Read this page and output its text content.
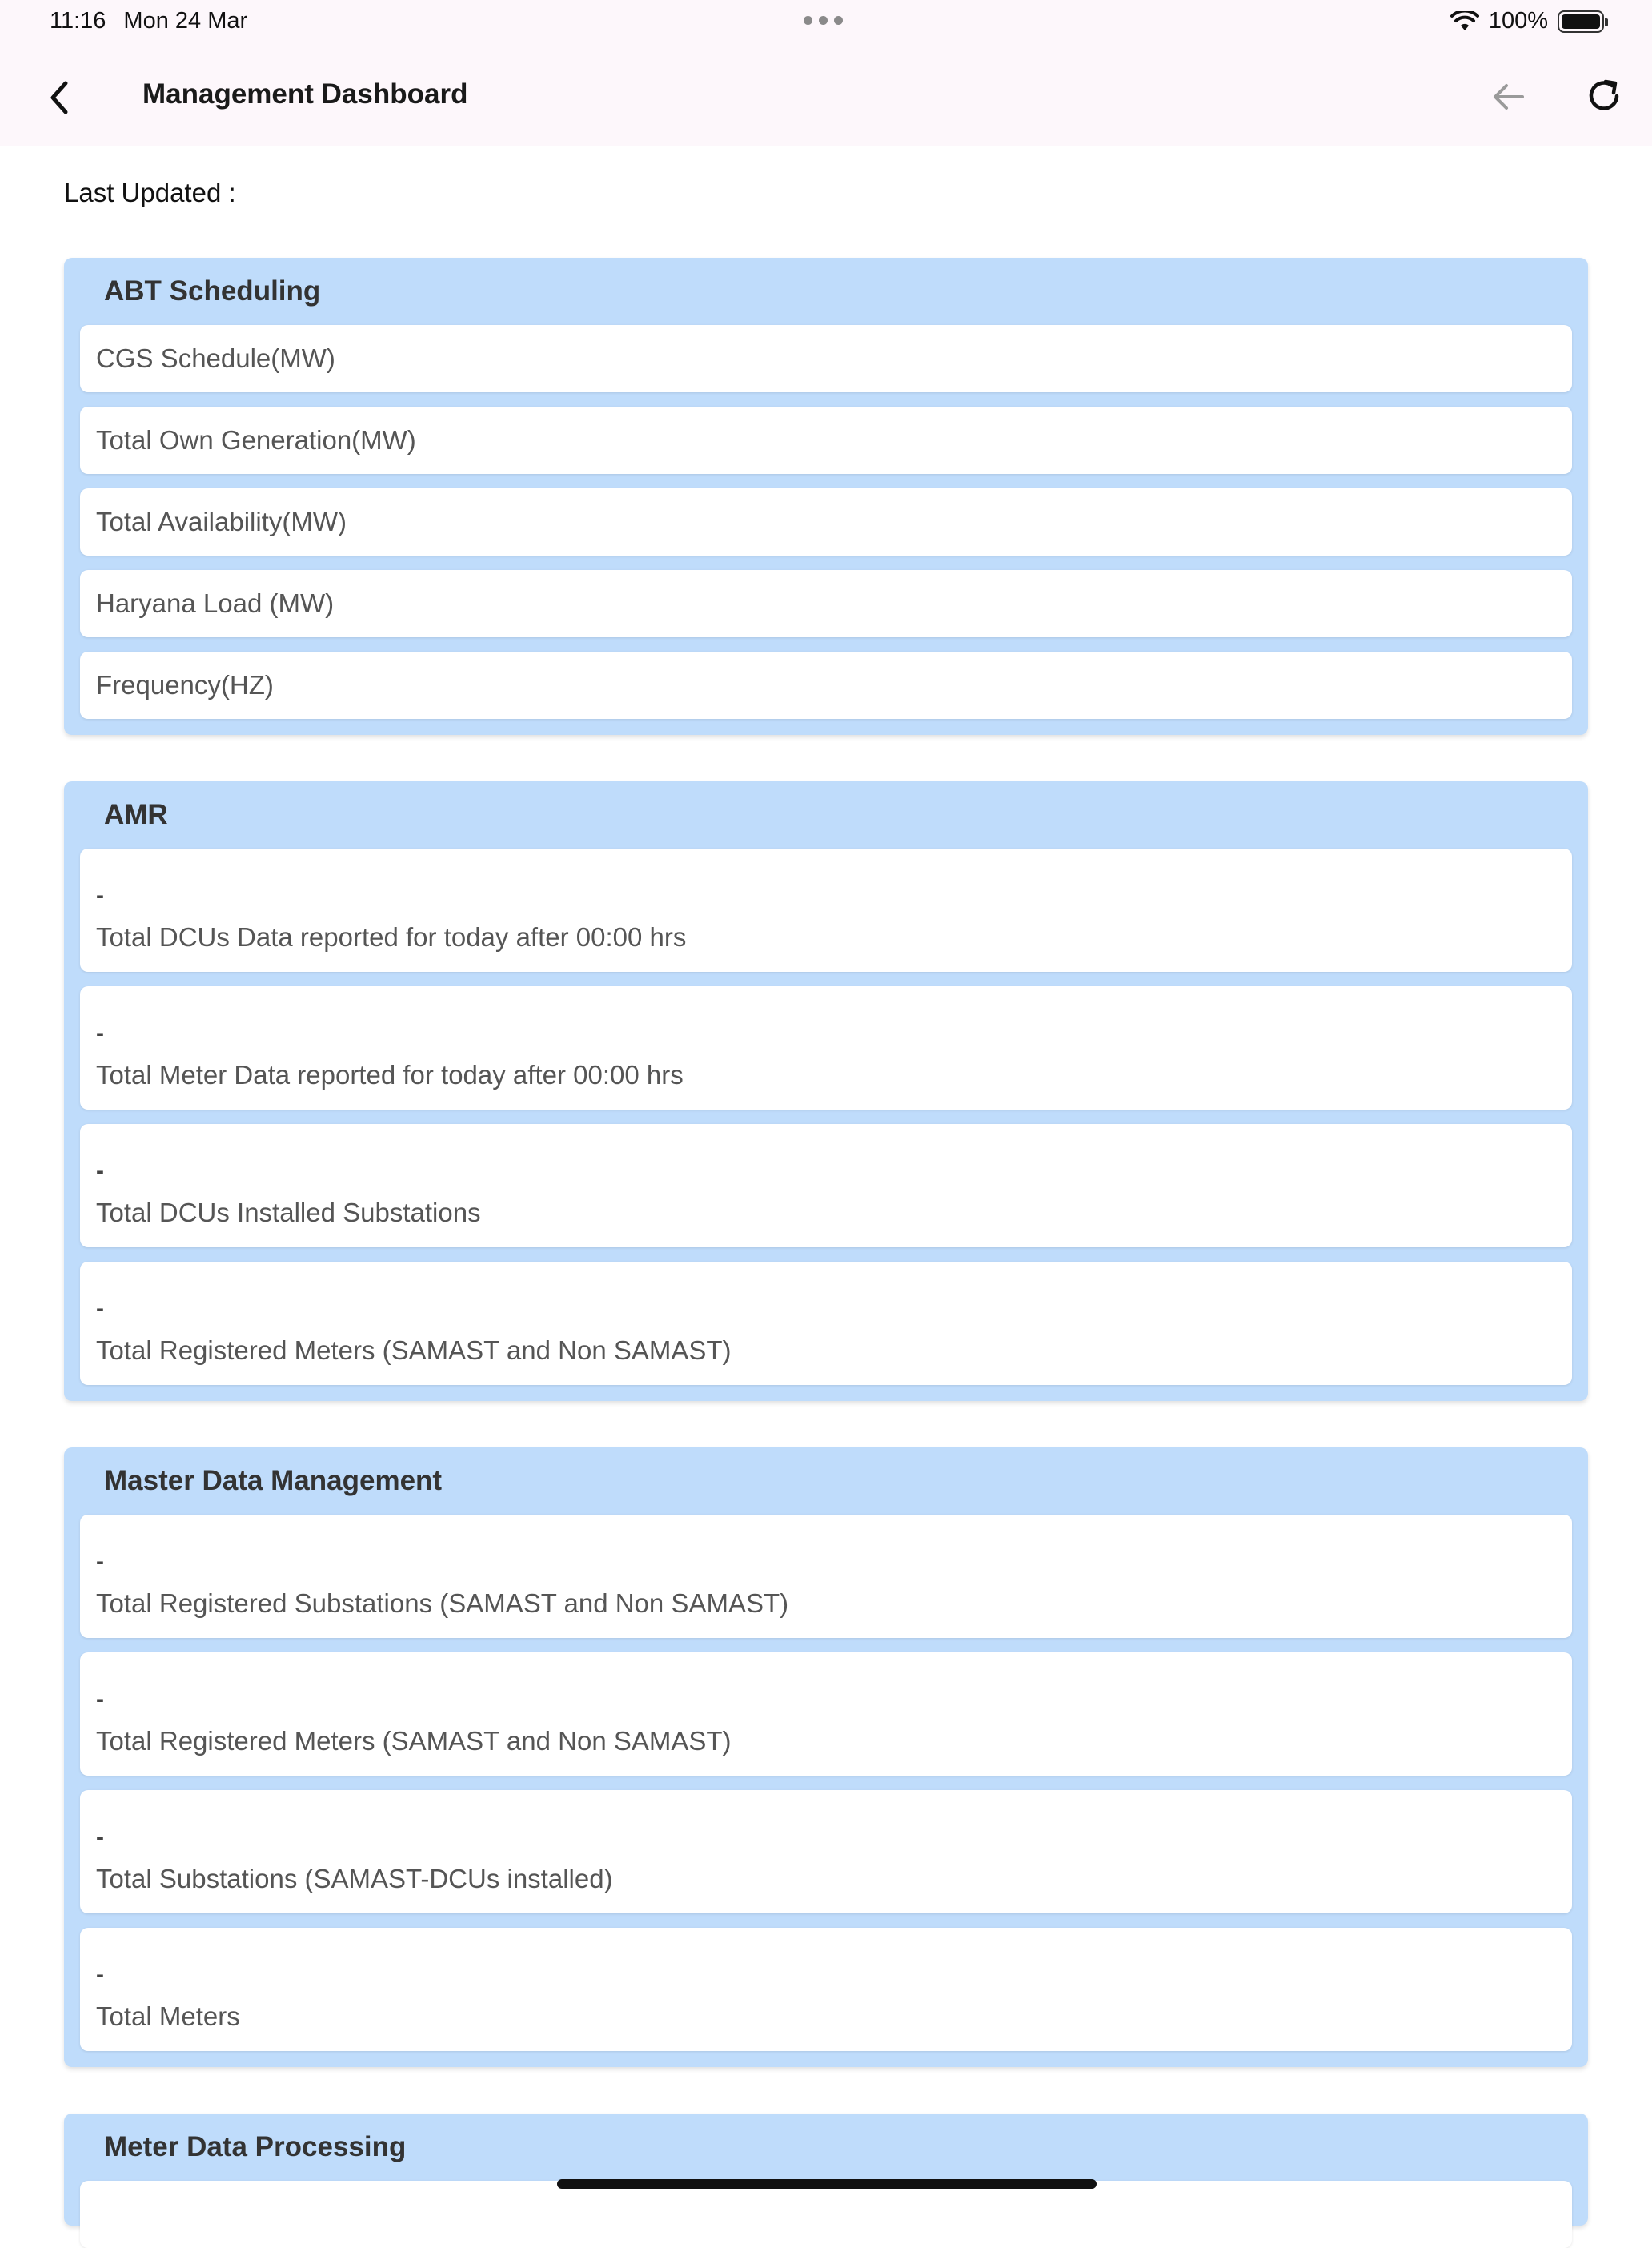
11:16 Mon 24 Mar	100%
Management Dashboard
Last Updated :
ABT Scheduling
CGS Schedule(MW)
Total Own Generation(MW)
Total Availability(MW)
Haryana Load (MW)
Frequency(HZ)
AMR
-
Total DCUs Data reported for today after 00:00 hrs
-
Total Meter Data reported for today after 00:00 hrs
-
Total DCUs Installed Substations
-
Total Registered Meters (SAMAST and Non SAMAST)
Master Data Management
-
Total Registered Substations (SAMAST and Non SAMAST)
-
Total Registered Meters (SAMAST and Non SAMAST)
-
Total Substations (SAMAST-DCUs installed)
-
Total Meters
Meter Data Processing
